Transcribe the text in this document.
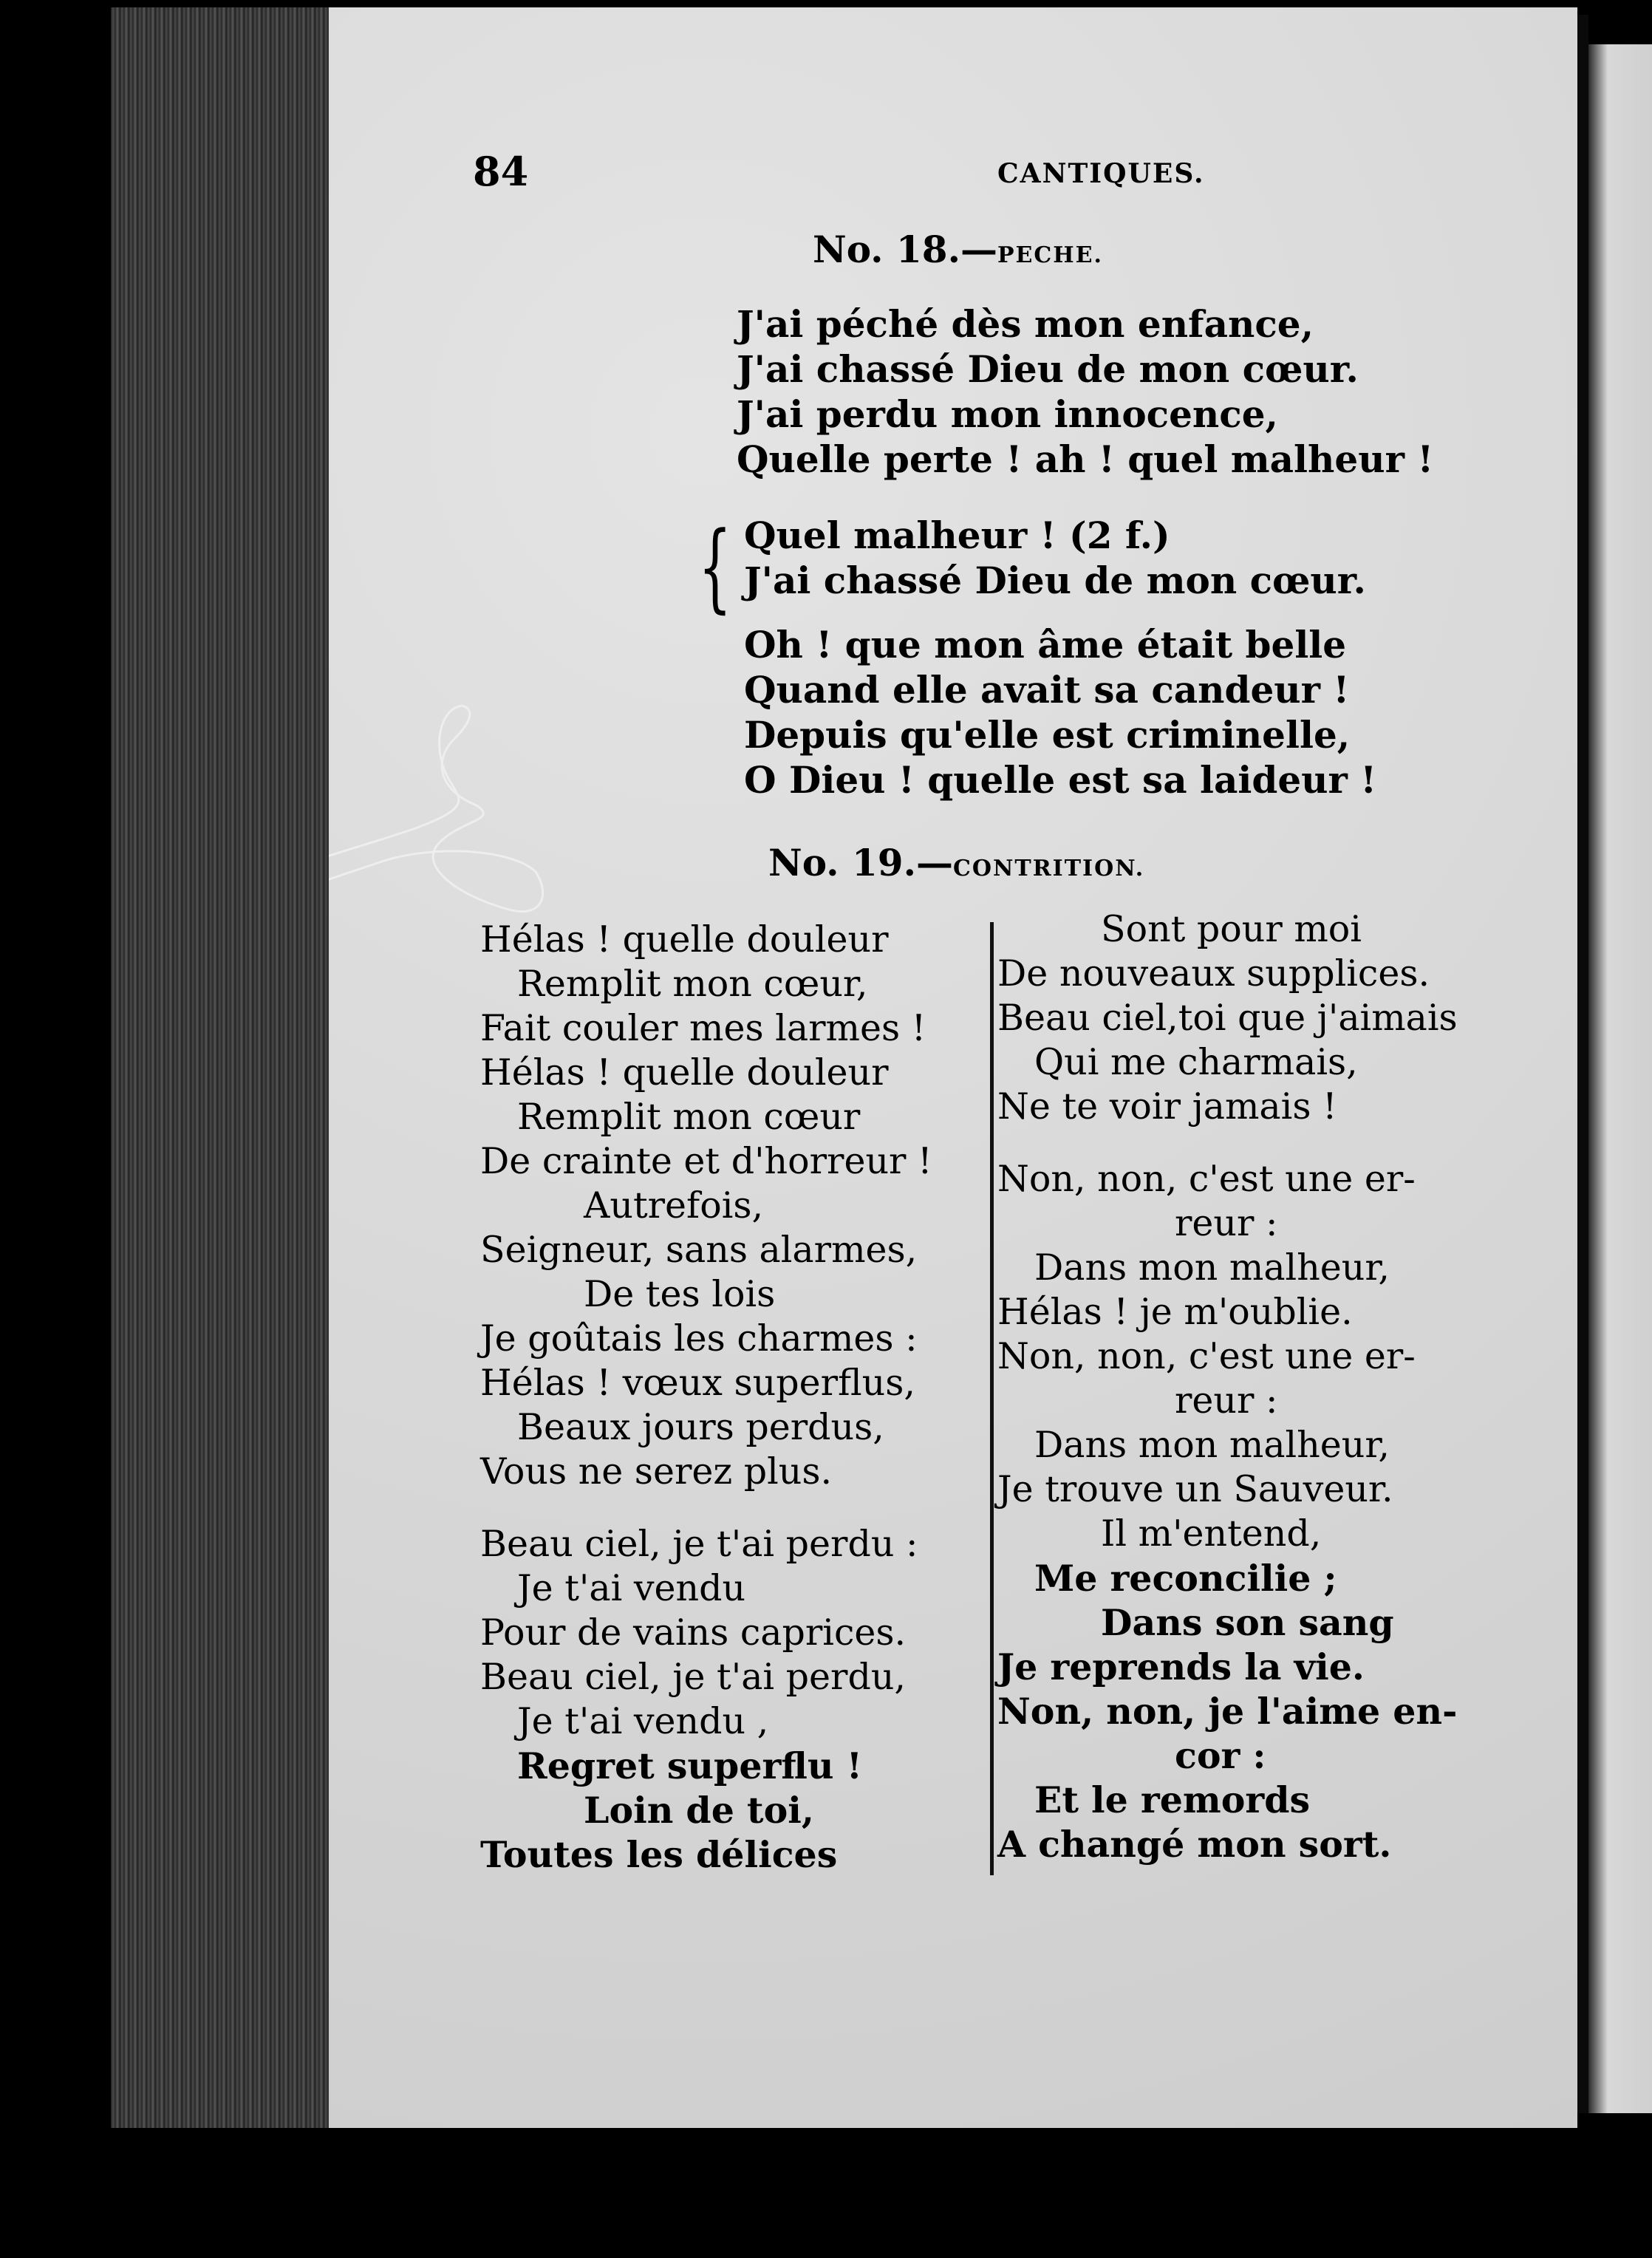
84	CANTIQUES.
No. 18.—PECHE.
J'ai péché dès mon enfance,
J'ai chassé Dieu de mon cœur.
J'ai perdu mon innocence,
Quelle perte ! ah ! quel malheur !
{ Quel malheur ! (2 f.)
J'ai chassé Dieu de mon cœur.
Oh ! que mon âme était belle
Quand elle avait sa candeur !
Depuis qu'elle est criminelle,
O Dieu ! quelle est sa laideur !
No. 19.—CONTRITION.
Hélas ! quelle douleur
Remplit mon cœur,
Fait couler mes larmes !
Hélas ! quelle douleur
Remplit mon cœur
De crainte et d'horreur !
Autrefois,
Seigneur, sans alarmes,
De tes lois
Je goûtais les charmes :
Hélas ! vœux superflus,
Beaux jours perdus,
Vous ne serez plus.
Beau ciel, je t'ai perdu :
Je t'ai vendu
Pour de vains caprices.
Beau ciel, je t'ai perdu,
Je t'ai vendu ,
Regret superflu !
Loin de toi,
Toutes les délices
Sont pour moi
De nouveaux supplices.
Beau ciel,toi que j'aimais
Qui me charmais,
Ne te voir jamais !
Non, non, c'est une er-
reur :
Dans mon malheur,
Hélas ! je m'oublie.
Non, non, c'est une er-
reur :
Dans mon malheur,
Je trouve un Sauveur.
Il m'entend,
Me reconcilie ;
Dans son sang
Je reprends la vie.
Non, non, je l'aime en-
cor :
Et le remords
A changé mon sort.
